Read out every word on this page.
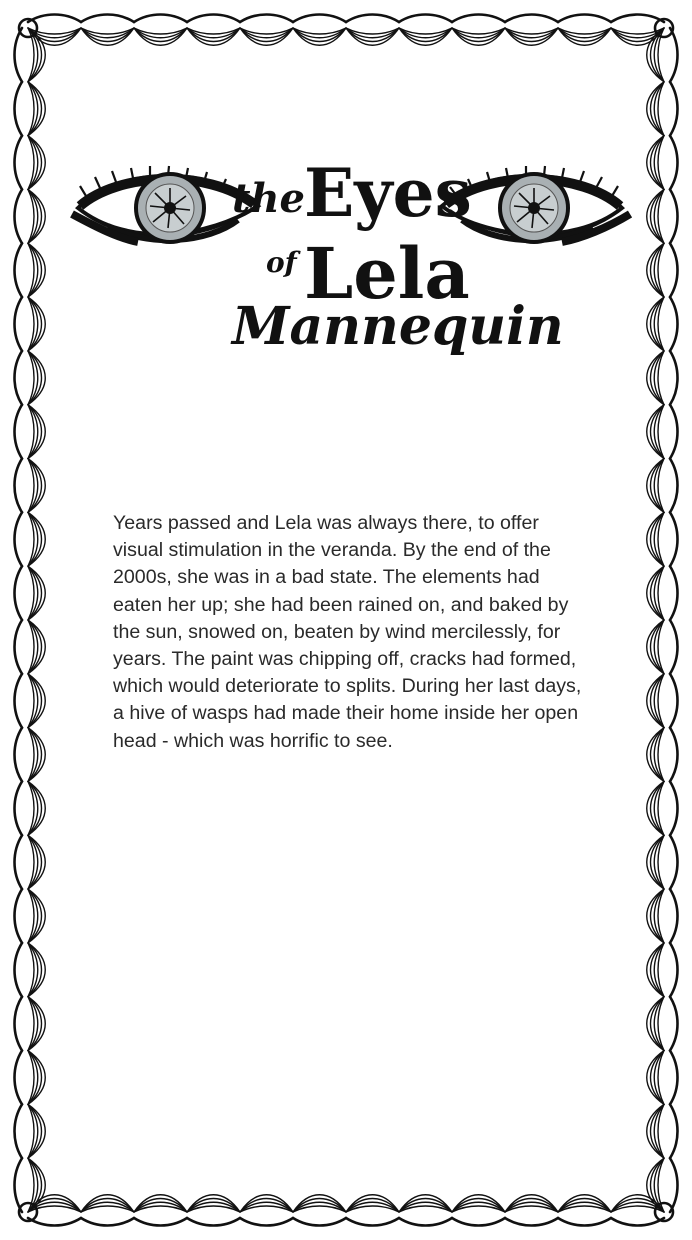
the
Eyes
of Lela
Mannequin

Years passed and Lela was always there, to offer visual stimulation in the veranda. By the end of the 2000s, she was in a bad state. The elements had eaten her up; she had been rained on, and baked by the sun, snowed on, beaten by wind mercilessly, for years. The paint was chipping off, cracks had formed, which would deteriorate to splits. During her last days, a hive of wasps had made their home inside her open head - which was horrific to see.
